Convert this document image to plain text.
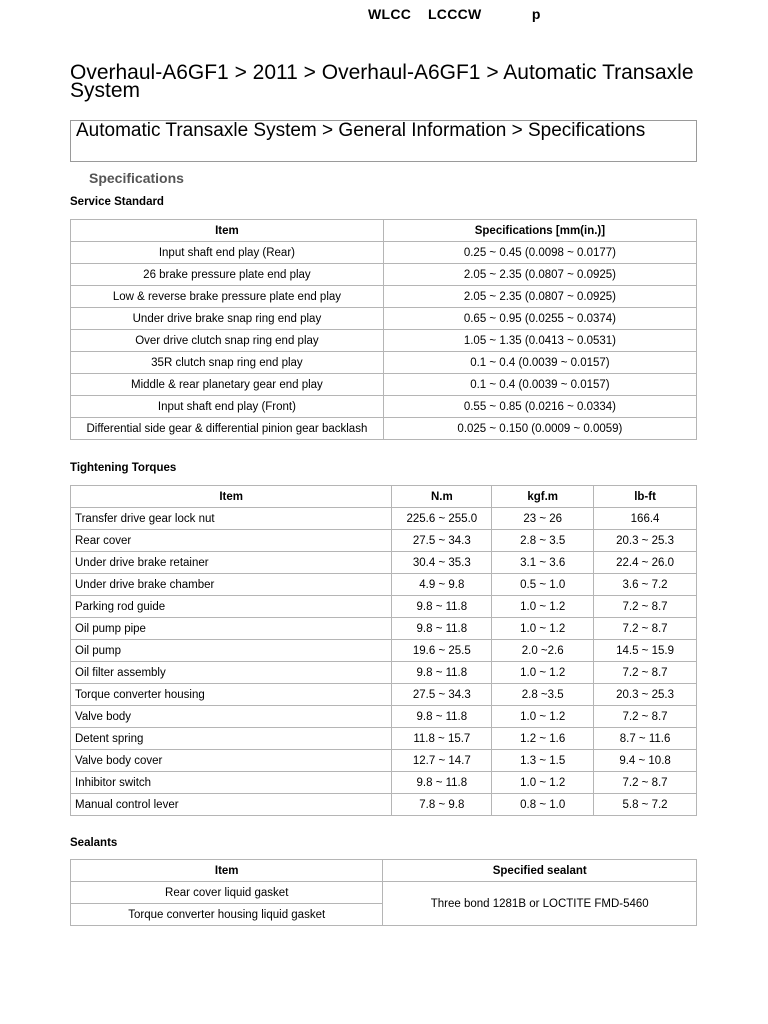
WLCC    LCCCW            p
Overhaul-A6GF1 > 2011 > Overhaul-A6GF1 > Automatic Transaxle System
Automatic Transaxle System > General Information > Specifications
Specifications
Service Standard
Item	Specifications [mm(in.)]
Input shaft end play (Rear)	0.25 ~ 0.45 (0.0098 ~ 0.0177)
26 brake pressure plate end play	2.05 ~ 2.35 (0.0807 ~ 0.0925)
Low & reverse brake pressure plate end play	2.05 ~ 2.35 (0.0807 ~ 0.0925)
Under drive brake snap ring end play	0.65 ~ 0.95 (0.0255 ~ 0.0374)
Over drive clutch snap ring end play	1.05 ~ 1.35 (0.0413 ~ 0.0531)
35R clutch snap ring end play	0.1 ~ 0.4 (0.0039 ~ 0.0157)
Middle & rear planetary gear end play	0.1 ~ 0.4 (0.0039 ~ 0.0157)
Input shaft end play (Front)	0.55 ~ 0.85 (0.0216 ~ 0.0334)
Differential side gear & differential pinion gear backlash	0.025 ~ 0.150 (0.0009 ~ 0.0059)
Tightening Torques
Item	N.m	kgf.m	lb-ft
Transfer drive gear lock nut	225.6 ~ 255.0	23 ~ 26	166.4
Rear cover	27.5 ~ 34.3	2.8 ~ 3.5	20.3 ~ 25.3
Under drive brake retainer	30.4 ~ 35.3	3.1 ~ 3.6	22.4 ~ 26.0
Under drive brake chamber	4.9 ~ 9.8	0.5 ~ 1.0	3.6 ~ 7.2
Parking rod guide	9.8 ~ 11.8	1.0 ~ 1.2	7.2 ~ 8.7
Oil pump pipe	9.8 ~ 11.8	1.0 ~ 1.2	7.2 ~ 8.7
Oil pump	19.6 ~ 25.5	2.0 ~2.6	14.5 ~ 15.9
Oil filter assembly	9.8 ~ 11.8	1.0 ~ 1.2	7.2 ~ 8.7
Torque converter housing	27.5 ~ 34.3	2.8 ~3.5	20.3 ~ 25.3
Valve body	9.8 ~ 11.8	1.0 ~ 1.2	7.2 ~ 8.7
Detent spring	11.8 ~ 15.7	1.2 ~ 1.6	8.7 ~ 11.6
Valve body cover	12.7 ~ 14.7	1.3 ~ 1.5	9.4 ~ 10.8
Inhibitor switch	9.8 ~ 11.8	1.0 ~ 1.2	7.2 ~ 8.7
Manual control lever	7.8 ~ 9.8	0.8 ~ 1.0	5.8 ~ 7.2
Sealants
Item	Specified sealant
Rear cover liquid gasket	Three bond 1281B or LOCTITE FMD-5460
Torque converter housing liquid gasket	
